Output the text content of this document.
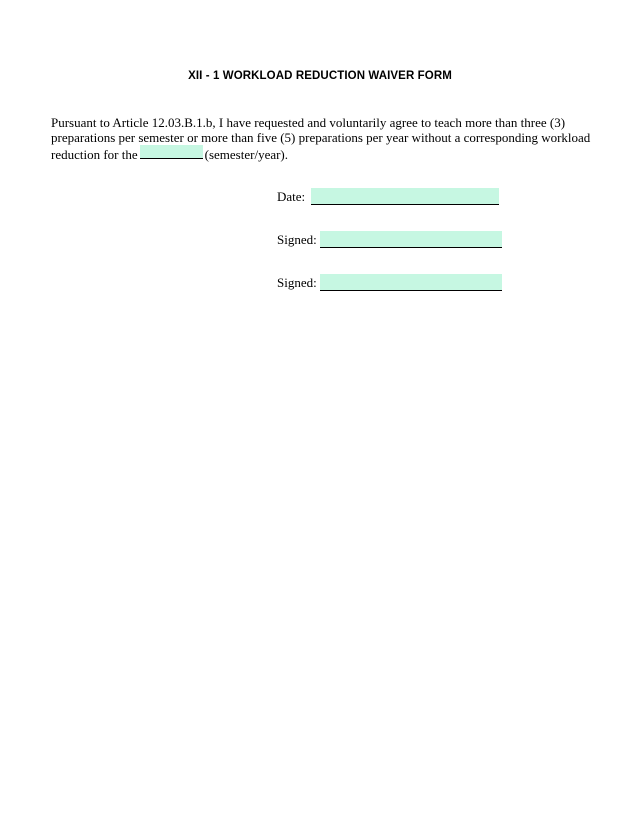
XII - 1 WORKLOAD REDUCTION WAIVER FORM
Pursuant to Article 12.03.B.1.b, I have requested and voluntarily agree to teach more than three (3) preparations per semester or more than five (5) preparations per year without a corresponding workload reduction for the	(semester/year).
Date:
Signed:
Signed:
